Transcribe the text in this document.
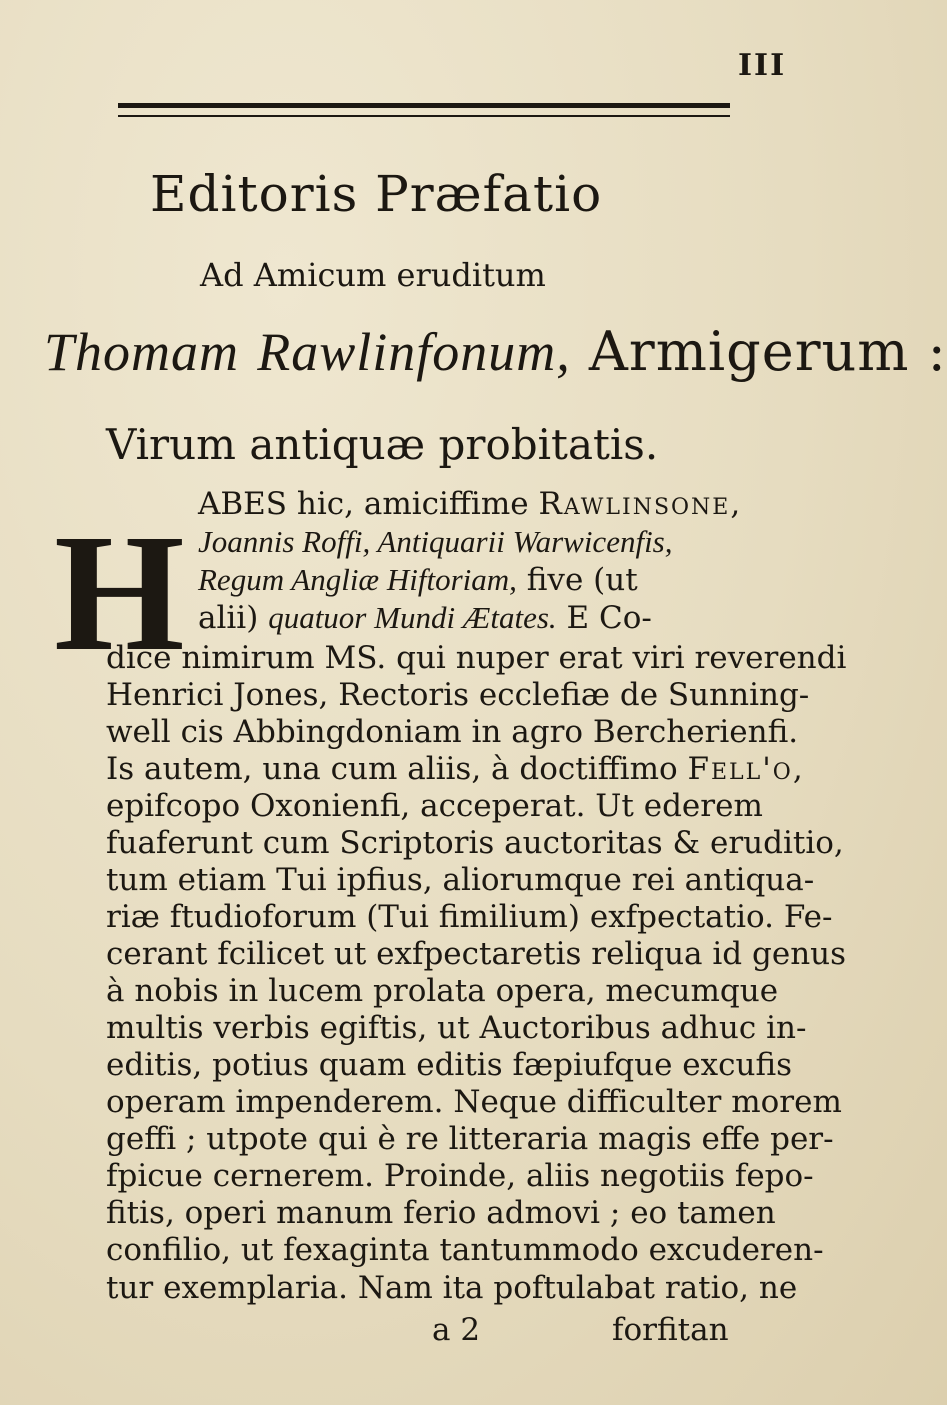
III
Editoris Præfatio
Ad Amicum eruditum
Thomam Rawlinfonum, Armigerum :
Virum antiquæ probitatis.
H ABES hic, amiciffime Rawlinsone,
Joannis Roffi, Antiquarii Warwicenfis,
Regum Angliæ Hiftoriam, five (ut
alii) quatuor Mundi Ætates. E Co-
dice nimirum MS. qui nuper erat viri reverendi
Henrici Jones, Rectoris ecclefiæ de Sunning-
well cis Abbingdoniam in agro Bercherienfi.
Is autem, una cum aliis, à doctiffimo Fell'o,
epifcopo Oxonienfi, acceperat. Ut ederem
fuaferunt cum Scriptoris auctoritas & eruditio,
tum etiam Tui ipfius, aliorumque rei antiqua-
riæ ftudioforum (Tui fimilium) exfpectatio. Fe-
cerant fcilicet ut exfpectaretis reliqua id genus
à nobis in lucem prolata opera, mecumque
multis verbis egiftis, ut Auctoribus adhuc in-
editis, potius quam editis fæpiufque excufis
operam impenderem. Neque difficulter morem
geffi ; utpote qui è re litteraria magis effe per-
fpicue cernerem. Proinde, aliis negotiis fepo-
fitis, operi manum ferio admovi ; eo tamen
confilio, ut fexaginta tantummodo excuderen-
tur exemplaria. Nam ita poftulabat ratio, ne
a 2	forfitan
